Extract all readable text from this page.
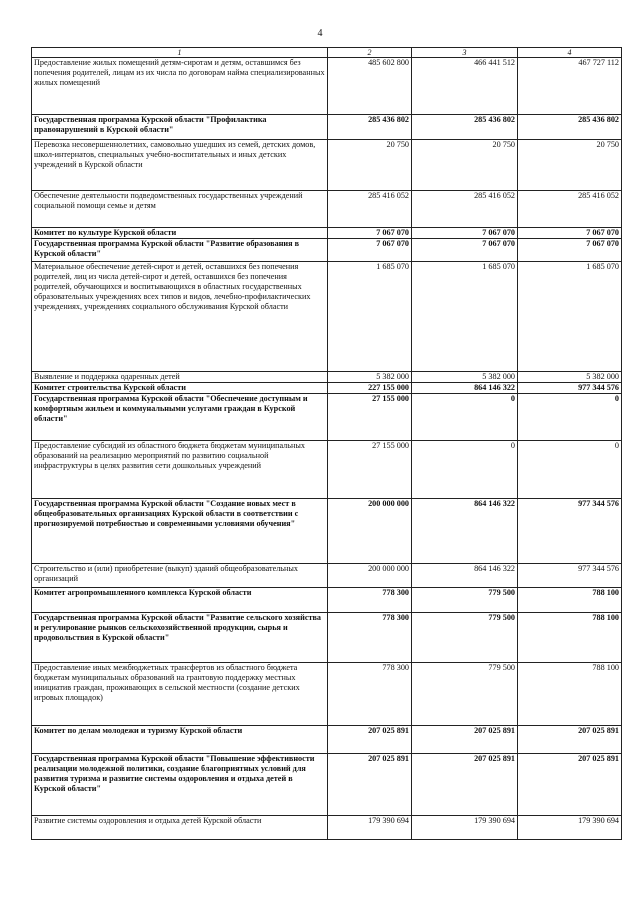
4
1	2	3	4
Предоставление жилых помещений детям-сиротам и детям, оставшимся без попечения родителей, лицам из их числа по договорам найма специализированных жилых помещений	485 602 800	466 441 512	467 727 112
Государственная программа Курской области "Профилактика правонарушений в Курской области"	285 436 802	285 436 802	285 436 802
Перевозка несовершеннолетних, самовольно ушедших из семей, детских домов, школ-интернатов, специальных учебно-воспитательных и иных детских учреждений в Курской области	20 750	20 750	20 750
Обеспечение деятельности подведомственных государственных учреждений социальной помощи семье и детям	285 416 052	285 416 052	285 416 052
Комитет по культуре Курской области	7 067 070	7 067 070	7 067 070
Государственная программа Курской области "Развитие образования в Курской области"	7 067 070	7 067 070	7 067 070
Материальное обеспечение детей-сирот и детей, оставшихся без попечения родителей, лиц из числа детей-сирот и детей, оставшихся без попечения родителей, обучающихся и воспитывающихся в областных государственных образовательных учреждениях всех типов и видов, лечебно-профилактических учреждениях, учреждениях социального обслуживания Курской области	1 685 070	1 685 070	1 685 070
Выявление и поддержка одаренных детей	5 382 000	5 382 000	5 382 000
Комитет строительства Курской области	227 155 000	864 146 322	977 344 576
Государственная программа Курской области "Обеспечение доступным и комфортным жильем и коммунальными услугами граждан в Курской области"	27 155 000	0	0
Предоставление субсидий из областного бюджета бюджетам муниципальных образований на реализацию мероприятий по развитию социальной инфраструктуры в целях развития сети дошкольных учреждений	27 155 000	0	0
Государственная программа Курской области "Создание новых мест в общеобразовательных организациях Курской области в соответствии с прогнозируемой потребностью и современными условиями обучения"	200 000 000	864 146 322	977 344 576
Строительство и (или) приобретение (выкуп) зданий общеобразовательных организаций	200 000 000	864 146 322	977 344 576
Комитет агропромышленного комплекса Курской области	778 300	779 500	788 100
Государственная программа Курской области "Развитие сельского хозяйства и регулирование рынков сельскохозяйственной продукции, сырья и продовольствия в Курской области"	778 300	779 500	788 100
Предоставление иных межбюджетных трансфертов из областного бюджета бюджетам муниципальных образований на грантовую поддержку местных инициатив граждан, проживающих в сельской местности (создание детских игровых площадок)	778 300	779 500	788 100
Комитет по делам молодежи и туризму Курской области	207 025 891	207 025 891	207 025 891
Государственная программа Курской области "Повышение эффективности реализации молодежной политики, создание благоприятных условий для развития туризма и развитие системы оздоровления и отдыха детей в Курской области"	207 025 891	207 025 891	207 025 891
Развитие системы оздоровления и отдыха детей Курской области	179 390 694	179 390 694	179 390 694
